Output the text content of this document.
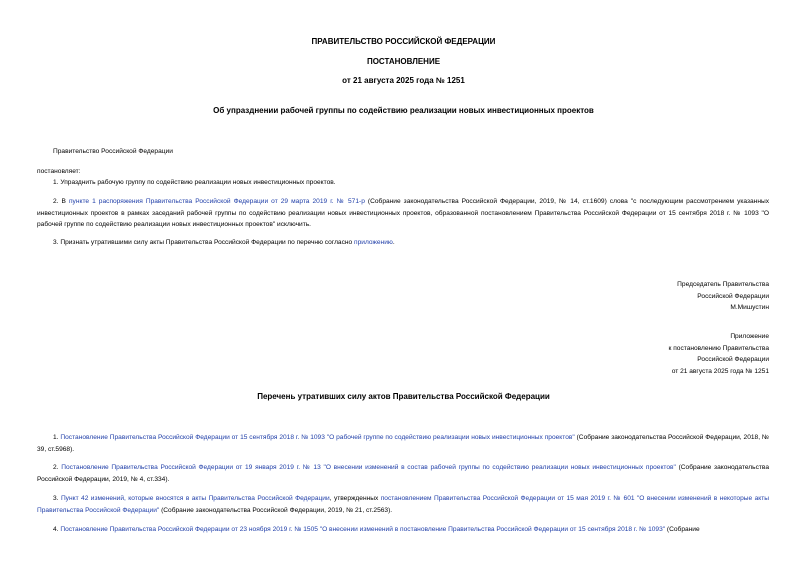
ПРАВИТЕЛЬСТВО РОССИЙСКОЙ ФЕДЕРАЦИИ
ПОСТАНОВЛЕНИЕ
от 21 августа 2025 года № 1251
Об упразднении рабочей группы по содействию реализации новых инвестиционных проектов
Правительство Российской Федерации
постановляет:
1. Упразднить рабочую группу по содействию реализации новых инвестиционных проектов.
2. В пункте 1 распоряжения Правительства Российской Федерации от 29 марта 2019 г. № 571-р (Собрание законодательства Российской Федерации, 2019, № 14, ст.1609) слова "с последующим рассмотрением указанных инвестиционных проектов в рамках заседаний рабочей группы по содействию реализации новых инвестиционных проектов, образованной постановлением Правительства Российской Федерации от 15 сентября 2018 г. № 1093 "О рабочей группе по содействию реализации новых инвестиционных проектов" исключить.
3. Признать утратившими силу акты Правительства Российской Федерации по перечню согласно приложению.
Председатель Правительства
Российской Федерации
М.Мишустин
Приложение
к постановлению Правительства
Российской Федерации
от 21 августа 2025 года № 1251
Перечень утративших силу актов Правительства Российской Федерации
1. Постановление Правительства Российской Федерации от 15 сентября 2018 г. № 1093 "О рабочей группе по содействию реализации новых инвестиционных проектов" (Собрание законодательства Российской Федерации, 2018, № 39, ст.5968).
2. Постановление Правительства Российской Федерации от 19 января 2019 г. № 13 "О внесении изменений в состав рабочей группы по содействию реализации новых инвестиционных проектов" (Собрание законодательства Российской Федерации, 2019, № 4, ст.334).
3. Пункт 42 изменений, которые вносятся в акты Правительства Российской Федерации, утвержденных постановлением Правительства Российской Федерации от 15 мая 2019 г. № 601 "О внесении изменений в некоторые акты Правительства Российской Федерации" (Собрание законодательства Российской Федерации, 2019, № 21, ст.2563).
4. Постановление Правительства Российской Федерации от 23 ноября 2019 г. № 1505 "О внесении изменений в постановление Правительства Российской Федерации от 15 сентября 2018 г. № 1093" (Собрание
